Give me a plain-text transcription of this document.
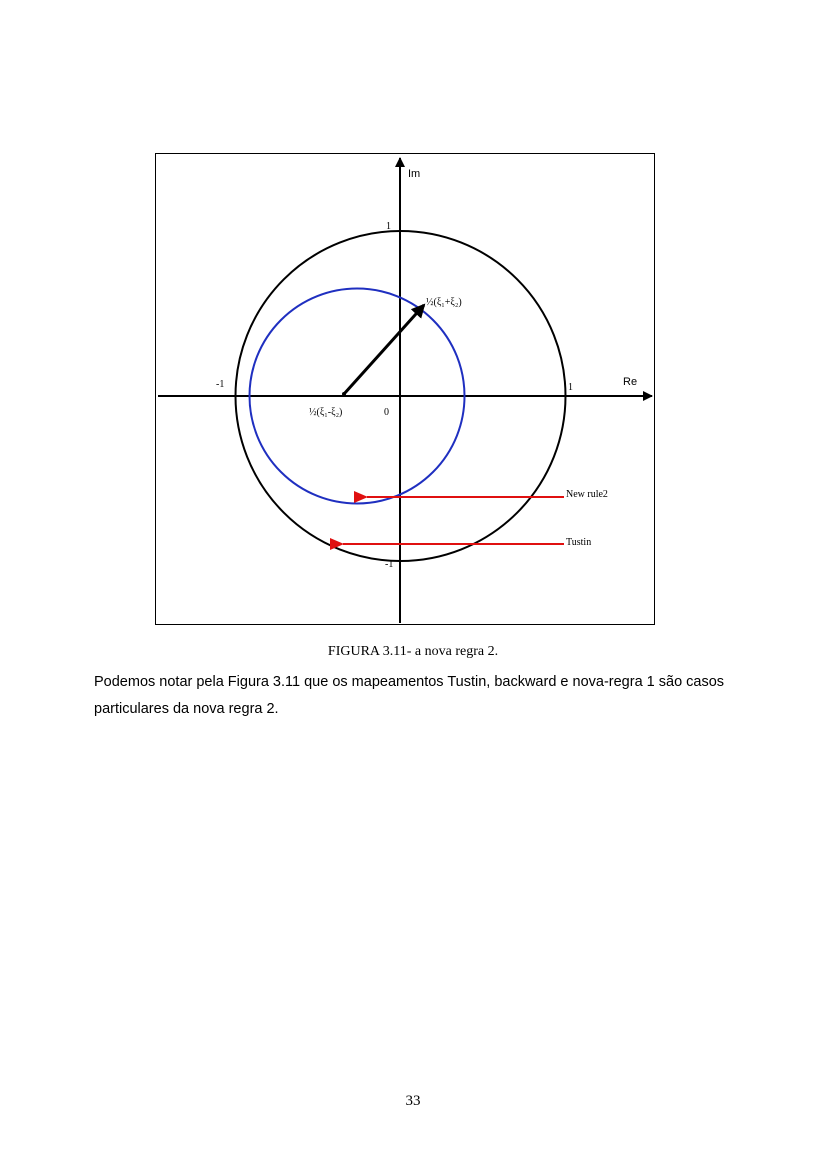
Im
Re
1
-1
-1	1
0
½(ξ₁-ξ₂)
½(ξ₁+ξ₂)
New rule2
Tustin
FIGURA 3.11- a nova regra 2.
Podemos notar pela Figura 3.11 que os mapeamentos Tustin, backward e nova-regra 1 são casos particulares da nova regra 2.
33
